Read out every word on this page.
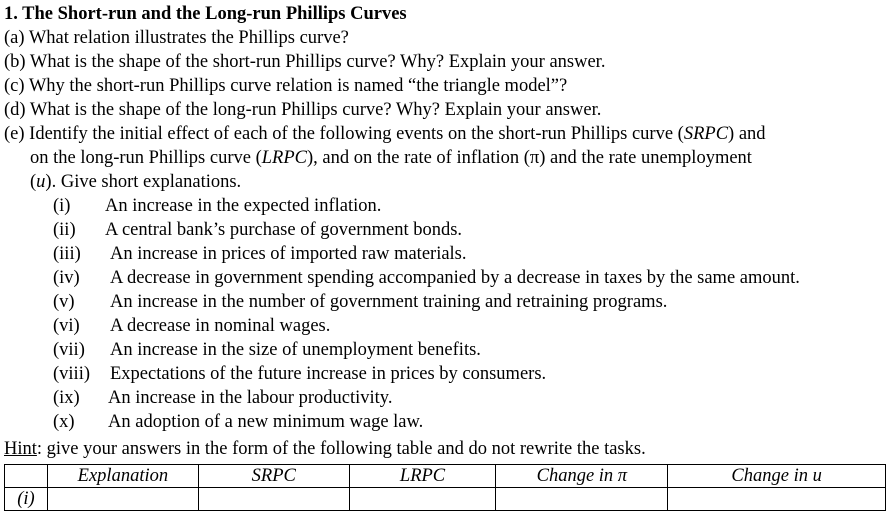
1. The Short-run and the Long-run Phillips Curves
(a) What relation illustrates the Phillips curve?
(b) What is the shape of the short-run Phillips curve? Why? Explain your answer.
(c) Why the short-run Phillips curve relation is named “the triangle model”?
(d) What is the shape of the long-run Phillips curve? Why? Explain your answer.
(e) Identify the initial effect of each of the following events on the short-run Phillips curve (SRPC) and
on the long-run Phillips curve (LRPC), and on the rate of inflation (π) and the rate unemployment
(u). Give short explanations.
(i) An increase in the expected inflation.
(ii) A central bank’s purchase of government bonds.
(iii) An increase in prices of imported raw materials.
(iv) A decrease in government spending accompanied by a decrease in taxes by the same amount.
(v) An increase in the number of government training and retraining programs.
(vi) A decrease in nominal wages.
(vii) An increase in the size of unemployment benefits.
(viii) Expectations of the future increase in prices by consumers.
(ix) An increase in the labour productivity.
(x) An adoption of a new minimum wage law.
Hint: give your answers in the form of the following table and do not rewrite the tasks.
	Explanation	SRPC	LRPC	Change in π	Change in u
(i)					
